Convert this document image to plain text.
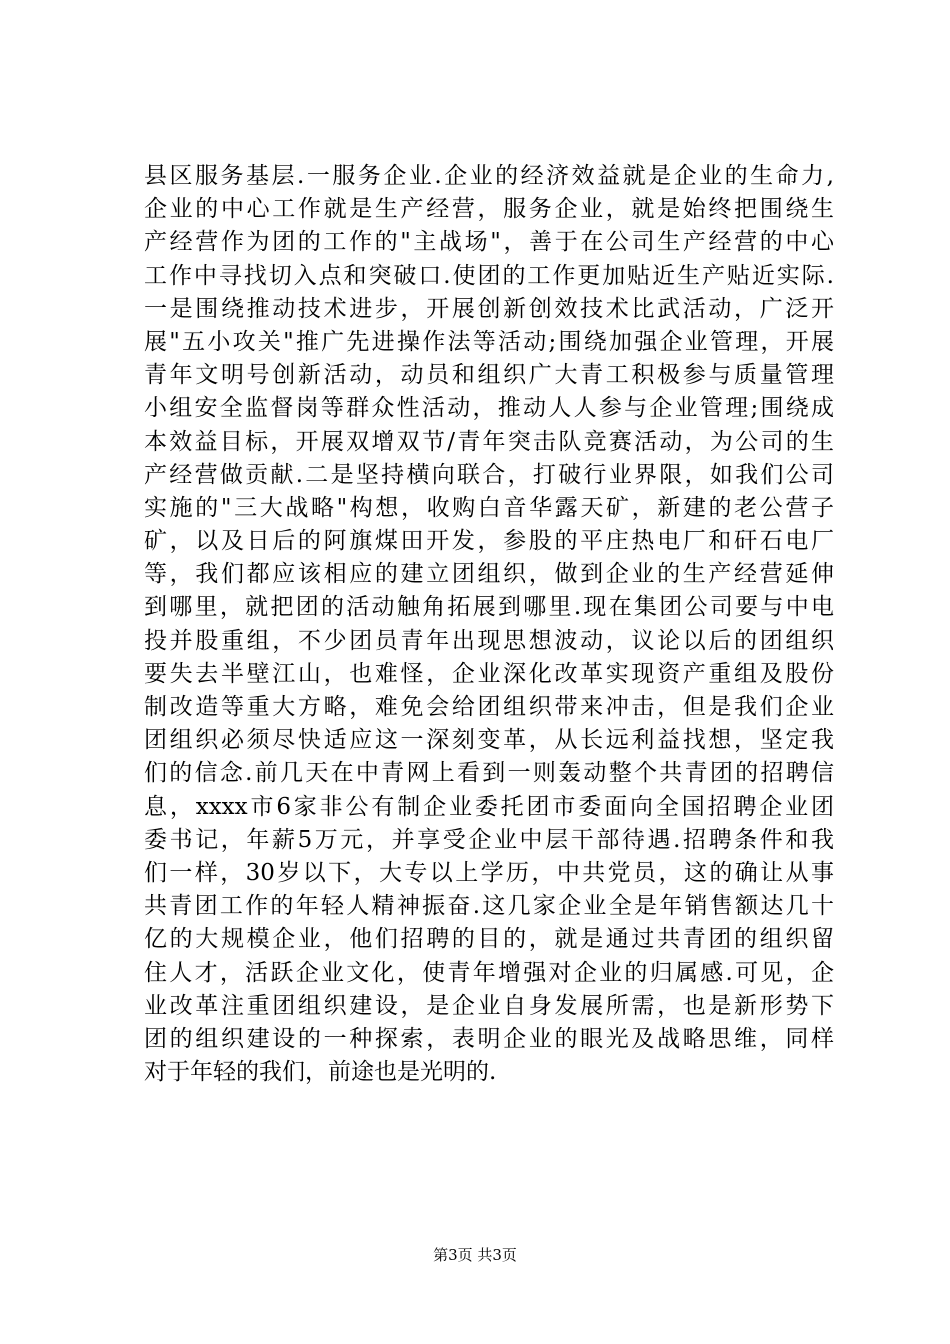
县区服务基层.一服务企业.企业的经济效益就是企业的生命力,
企业的中心工作就是生产经营，服务企业，就是始终把围绕生
产经营作为团的工作的"主战场"，善于在公司生产经营的中心
工作中寻找切入点和突破口.使团的工作更加贴近生产贴近实际.
一是围绕推动技术进步，开展创新创效技术比武活动，广泛开
展"五小攻关"推广先进操作法等活动;围绕加强企业管理，开展
青年文明号创新活动，动员和组织广大青工积极参与质量管理
小组安全监督岗等群众性活动，推动人人参与企业管理;围绕成
本效益目标，开展双增双节/青年突击队竞赛活动，为公司的生
产经营做贡献.二是坚持横向联合，打破行业界限，如我们公司
实施的"三大战略"构想，收购白音华露天矿，新建的老公营子
矿，以及日后的阿旗煤田开发，参股的平庄热电厂和矸石电厂
等，我们都应该相应的建立团组织，做到企业的生产经营延伸
到哪里，就把团的活动触角拓展到哪里.现在集团公司要与中电
投并股重组，不少团员青年出现思想波动，议论以后的团组织
要失去半壁江山，也难怪，企业深化改革实现资产重组及股份
制改造等重大方略，难免会给团组织带来冲击，但是我们企业
团组织必须尽快适应这一深刻变革，从长远利益找想，坚定我
们的信念.前几天在中青网上看到一则轰动整个共青团的招聘信
息，xxxx市6家非公有制企业委托团市委面向全国招聘企业团
委书记，年薪5万元，并享受企业中层干部待遇.招聘条件和我
们一样，30岁以下，大专以上学历，中共党员，这的确让从事
共青团工作的年轻人精神振奋.这几家企业全是年销售额达几十
亿的大规模企业，他们招聘的目的，就是通过共青团的组织留
住人才，活跃企业文化，使青年增强对企业的归属感.可见，企
业改革注重团组织建设，是企业自身发展所需，也是新形势下
团的组织建设的一种探索，表明企业的眼光及战略思维，同样
对于年轻的我们，前途也是光明的.
第3页 共3页
